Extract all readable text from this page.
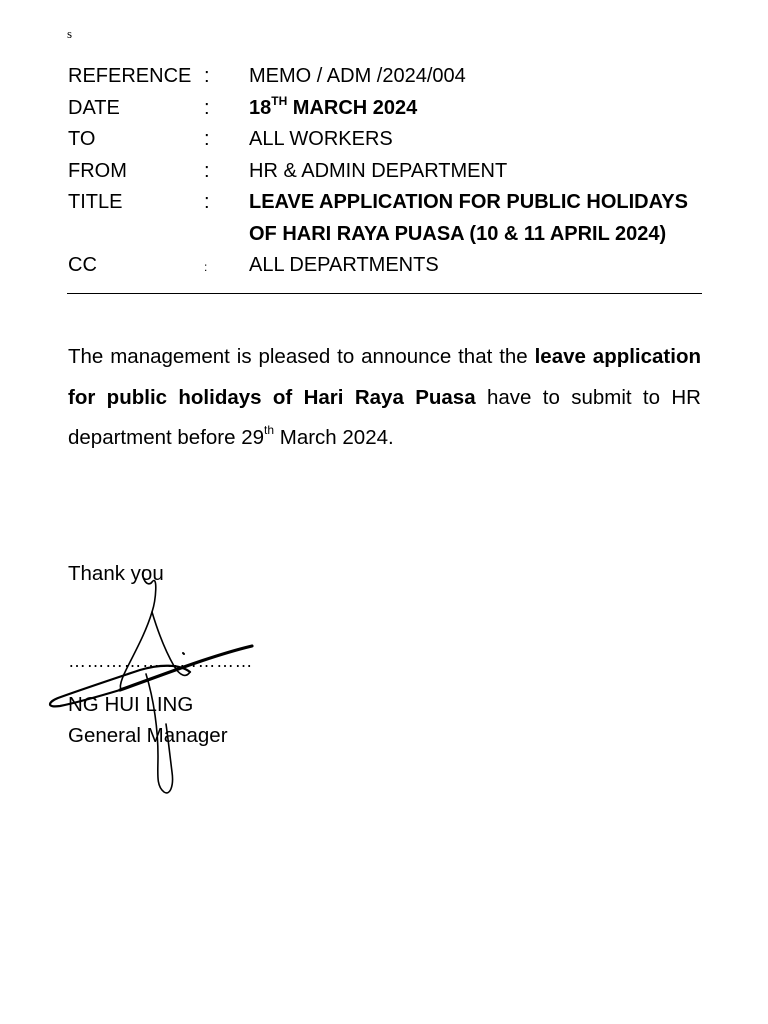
s
REFERENCE : MEMO / ADM /2024/004
DATE	: 18TH MARCH 2024
TO	: ALL WORKERS
FROM	: HR & ADMIN DEPARTMENT
TITLE	: LEAVE APPLICATION FOR PUBLIC HOLIDAYS
OF HARI RAYA PUASA (10 & 11 APRIL 2024)
CC	: ALL DEPARTMENTS

The management is pleased to announce that the leave application for public holidays of Hari Raya Puasa have to submit to HR department before 29th March 2024.

Thank you
…………………………
NG HUI LING
General Manager
